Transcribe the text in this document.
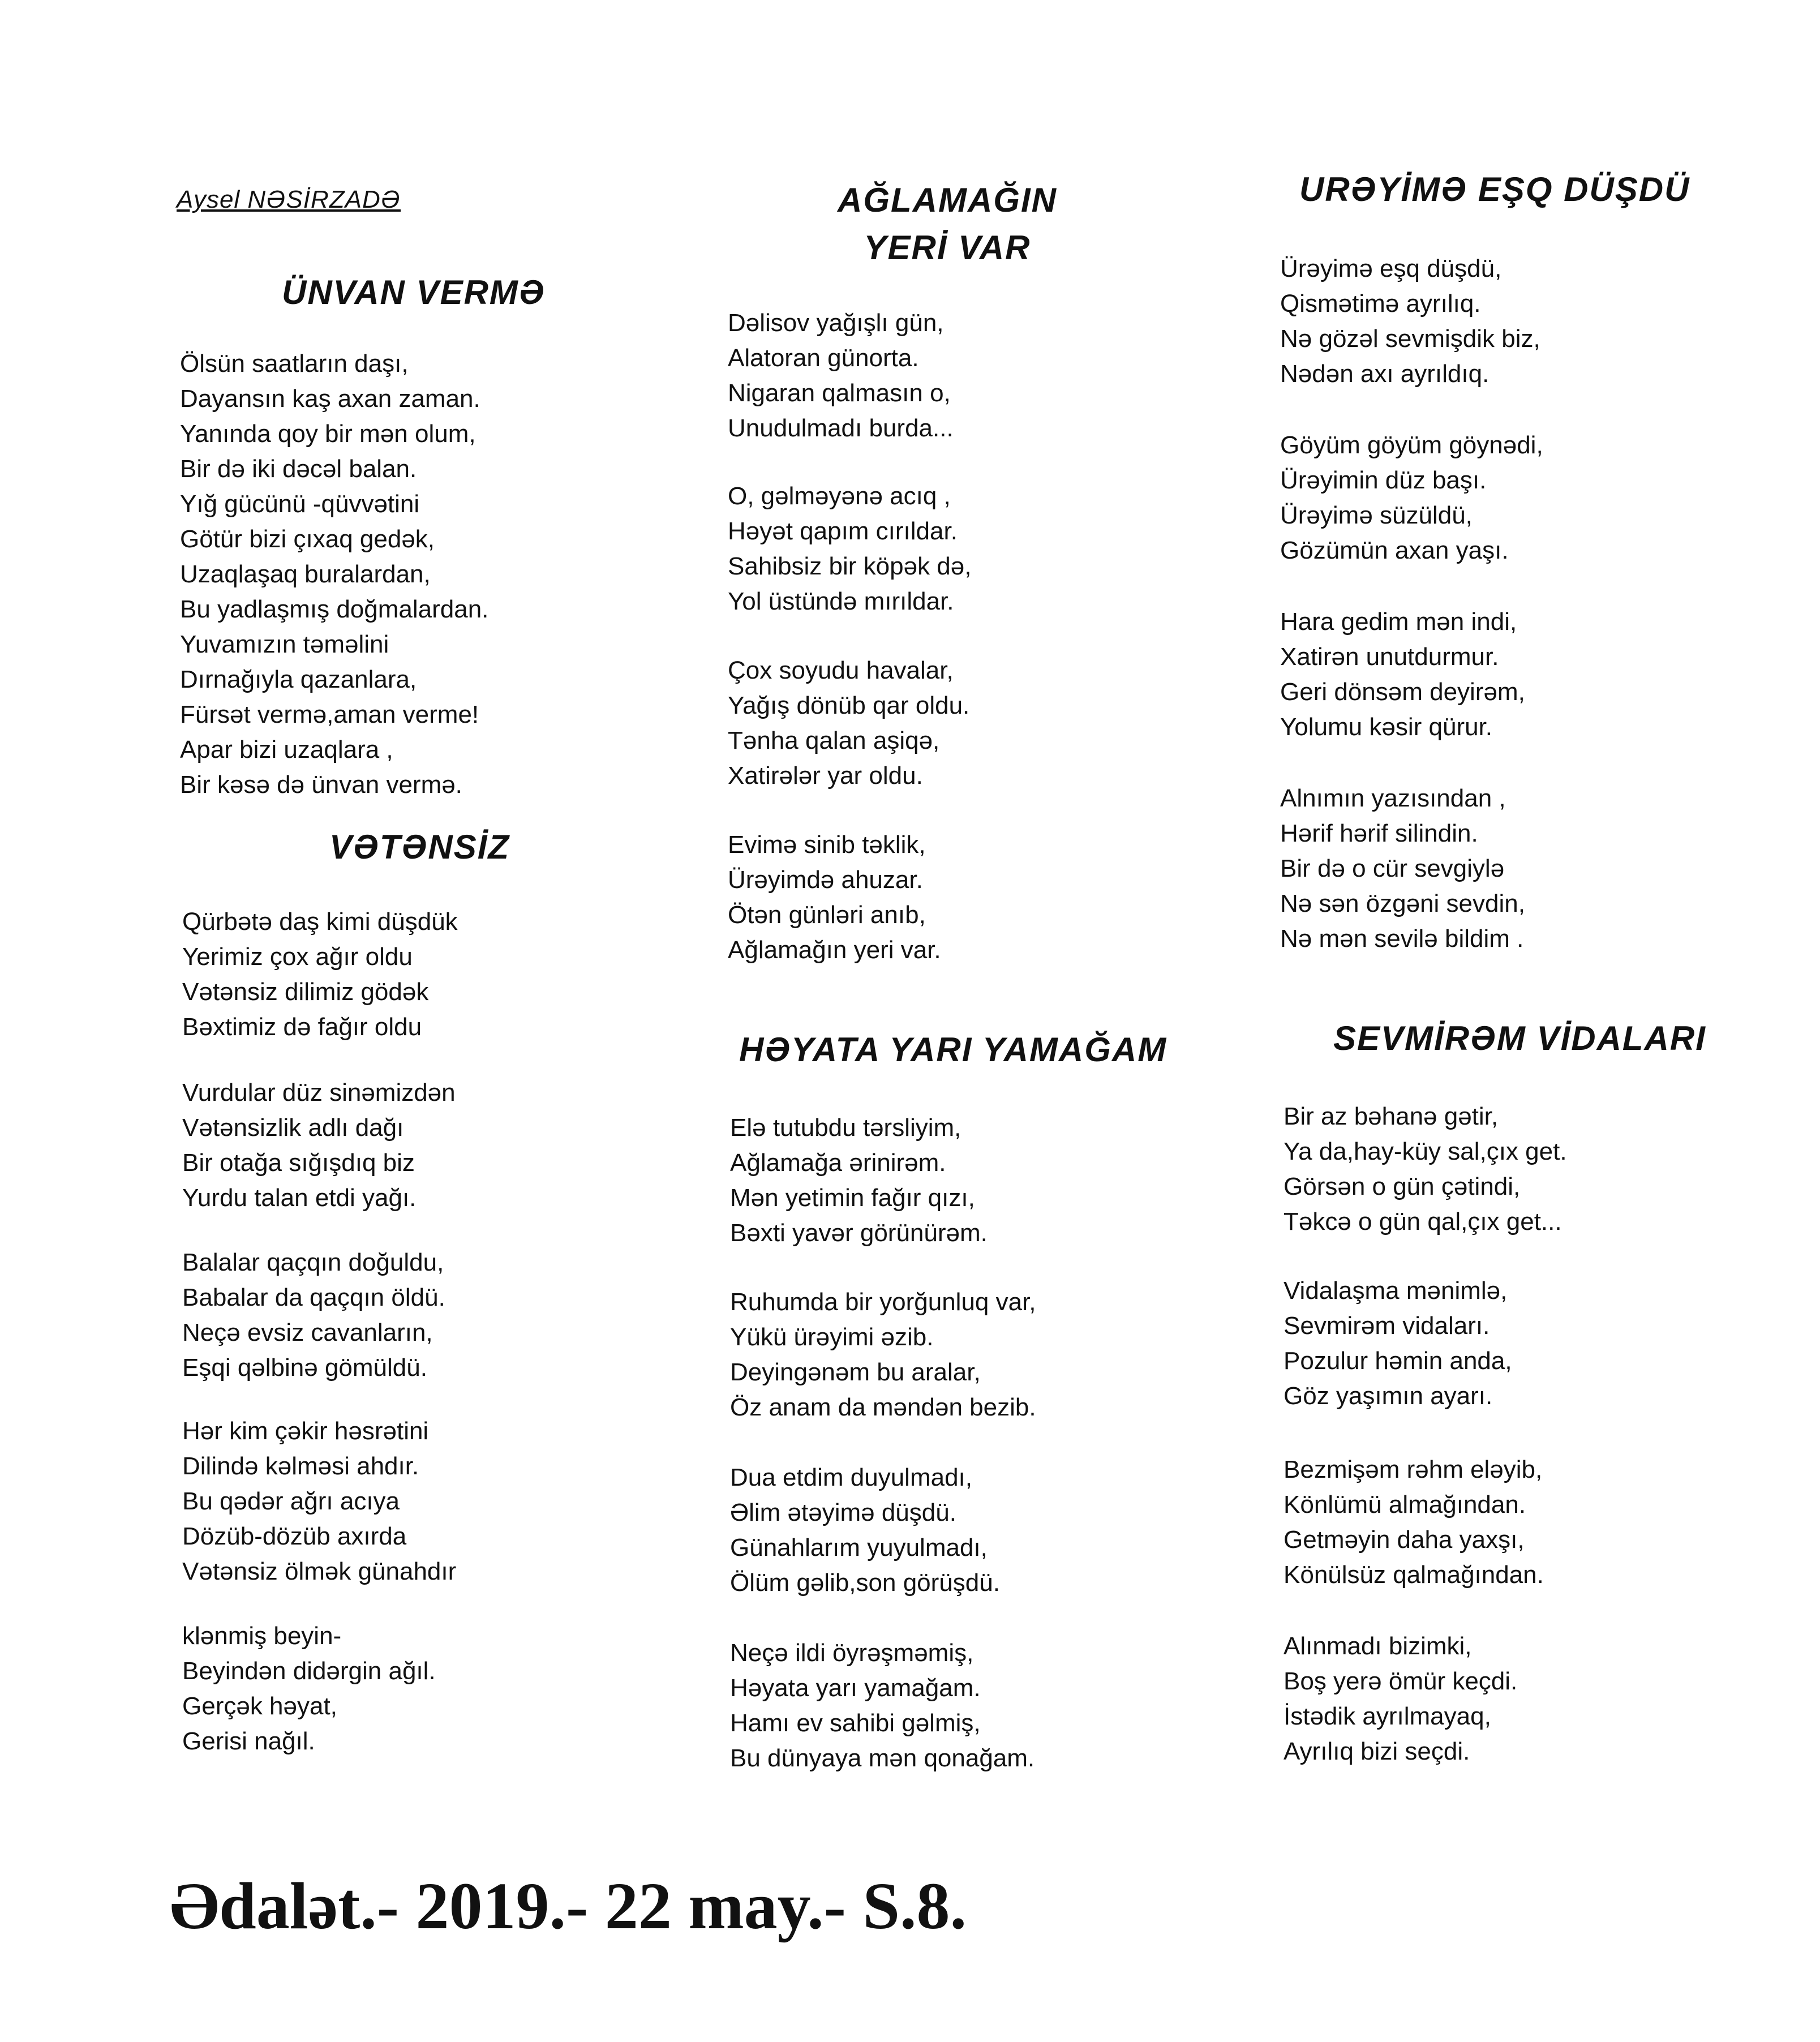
Aysel NƏSİRZADƏ
ÜNVAN VERMƏ
Ölsün saatların daşı,
Dayansın kaş axan zaman.
Yanında qoy bir mən olum,
Bir də iki dəcəl balan.
Yığ gücünü -qüvvətini
Götür bizi çıxaq gedək,
Uzaqlaşaq buralardan,
Bu yadlaşmış doğmalardan.
Yuvamızın təməlini
Dırnağıyla qazanlara,
Fürsət vermə,aman verme!
Apar bizi uzaqlara ,
Bir kəsə də ünvan vermə.
VƏTƏNSİZ
Qürbətə daş kimi düşdük
Yerimiz çox ağır oldu
Vətənsiz dilimiz gödək
Bəxtimiz də fağır oldu
Vurdular düz sinəmizdən
Vətənsizlik adlı dağı
Bir otağa sığışdıq biz
Yurdu talan etdi yağı.
Balalar qaçqın doğuldu,
Babalar da qaçqın öldü.
Neçə evsiz cavanların,
Eşqi qəlbinə gömüldü.
Hər kim çəkir həsrətini
Dilində kəlməsi ahdır.
Bu qədər ağrı acıya
Dözüb-dözüb axırda
Vətənsiz ölmək günahdır
klənmiş beyin-
Beyindən didərgin ağıl.
Gerçək həyat,
Gerisi nağıl.
AĞLAMAĞIN
YERİ VAR
Dəlisov yağışlı gün,
Alatoran günorta.
Nigaran qalmasın o,
Unudulmadı burda...
O, gəlməyənə acıq ,
Həyət qapım cırıldar.
Sahibsiz bir köpək də,
Yol üstündə mırıldar.
Çox soyudu havalar,
Yağış dönüb qar oldu.
Tənha qalan aşiqə,
Xatirələr yar oldu.
Evimə sinib təklik,
Ürəyimdə ahuzar.
Ötən günləri anıb,
Ağlamağın yeri var.
HƏYATA YARI YAMAĞAM
Elə tutubdu tərsliyim,
Ağlamağa ərinirəm.
Mən yetimin fağır qızı,
Bəxti yavər görünürəm.
Ruhumda bir yorğunluq var,
Yükü ürəyimi əzib.
Deyingənəm bu aralar,
Öz anam da məndən bezib.
Dua etdim duyulmadı,
Əlim ətəyimə düşdü.
Günahlarım yuyulmadı,
Ölüm gəlib,son görüşdü.
Neçə ildi öyrəşməmiş,
Həyata yarı yamağam.
Hamı ev sahibi gəlmiş,
Bu dünyaya mən qonağam.
URƏYİMƏ EŞQ DÜŞDÜ
Ürəyimə eşq düşdü,
Qismətimə ayrılıq.
Nə gözəl sevmişdik biz,
Nədən axı ayrıldıq.
Göyüm göyüm göynədi,
Ürəyimin düz başı.
Ürəyimə süzüldü,
Gözümün axan yaşı.
Hara gedim mən indi,
Xatirən unutdurmur.
Geri dönsəm deyirəm,
Yolumu kəsir qürur.
Alnımın yazısından ,
Hərif hərif silindin.
Bir də o cür sevgiylə
Nə sən özgəni sevdin,
Nə mən sevilə bildim .
SEVMİRƏM VİDALARI
Bir az bəhanə gətir,
Ya da,hay-küy sal,çıx get.
Görsən o gün çətindi,
Təkcə o gün qal,çıx get...
Vidalaşma mənimlə,
Sevmirəm vidaları.
Pozulur həmin anda,
Göz yaşımın ayarı.
Bezmişəm rəhm eləyib,
Könlümü almağından.
Getməyin daha yaxşı,
Könülsüz qalmağından.
Alınmadı bizimki,
Boş yerə ömür keçdi.
İstədik ayrılmayaq,
Ayrılıq bizi seçdi.
Ədalət.- 2019.- 22 may.- S.8.
